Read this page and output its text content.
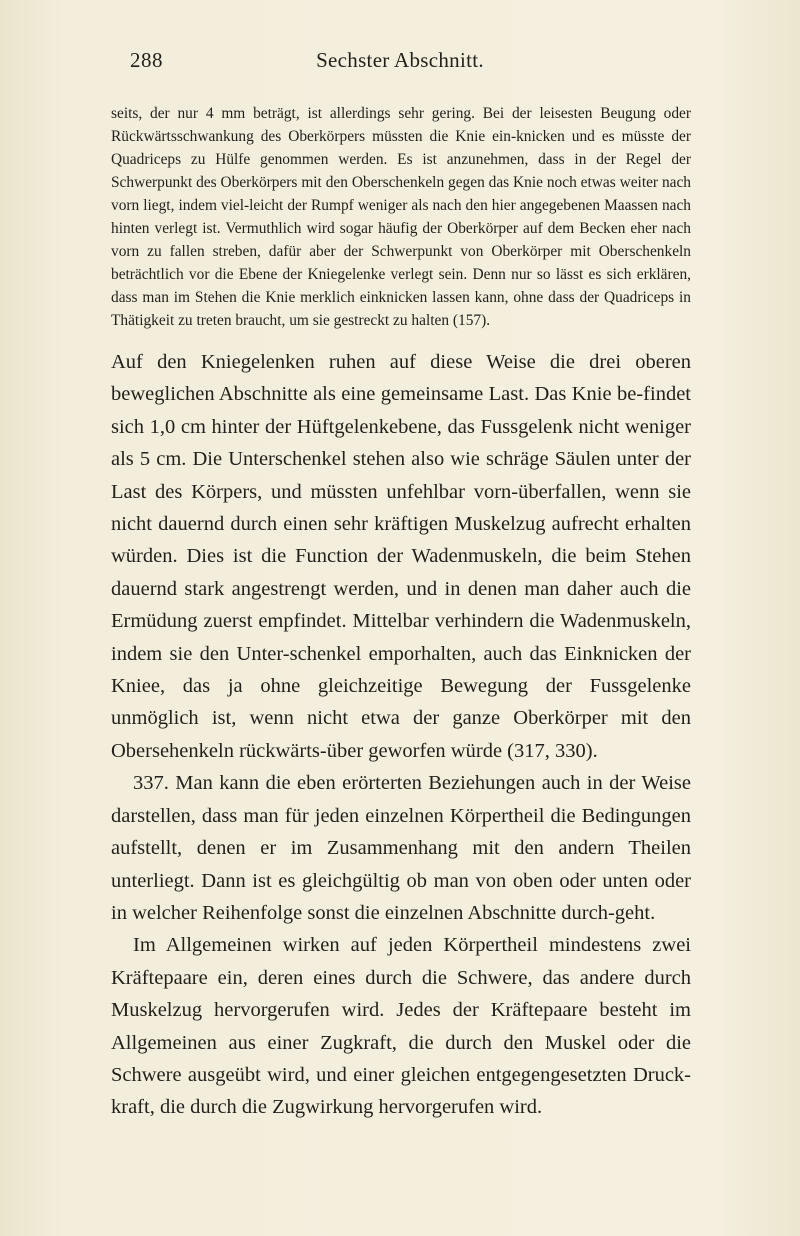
288	Sechster Abschnitt.

seits, der nur 4 mm beträgt, ist allerdings sehr gering. Bei der leisesten Beugung oder Rückwärtsschwankung des Oberkörpers müssten die Knie ein-knicken und es müsste der Quadriceps zu Hülfe genommen werden. Es ist anzunehmen, dass in der Regel der Schwerpunkt des Oberkörpers mit den Oberschenkeln gegen das Knie noch etwas weiter nach vorn liegt, indem viel-leicht der Rumpf weniger als nach den hier angegebenen Maassen nach hinten verlegt ist. Vermuthlich wird sogar häufig der Oberkörper auf dem Becken eher nach vorn zu fallen streben, dafür aber der Schwerpunkt von Oberkörper mit Oberschenkeln beträchtlich vor die Ebene der Kniegelenke verlegt sein. Denn nur so lässt es sich erklären, dass man im Stehen die Knie merklich einknicken lassen kann, ohne dass der Quadriceps in Thätigkeit zu treten braucht, um sie gestreckt zu halten (157).

Auf den Kniegelenken ruhen auf diese Weise die drei oberen beweglichen Abschnitte als eine gemeinsame Last. Das Knie be-findet sich 1,0 cm hinter der Hüftgelenkebene, das Fussgelenk nicht weniger als 5 cm. Die Unterschenkel stehen also wie schräge Säulen unter der Last des Körpers, und müssten unfehlbar vorn-überfallen, wenn sie nicht dauernd durch einen sehr kräftigen Muskelzug aufrecht erhalten würden. Dies ist die Function der Wadenmuskeln, die beim Stehen dauernd stark angestrengt werden, und in denen man daher auch die Ermüdung zuerst empfindet. Mittelbar verhindern die Wadenmuskeln, indem sie den Unter-schenkel emporhalten, auch das Einknicken der Kniee, das ja ohne gleichzeitige Bewegung der Fussgelenke unmöglich ist, wenn nicht etwa der ganze Oberkörper mit den Obersehenkeln rückwärts-über geworfen würde (317, 330).

337. Man kann die eben erörterten Beziehungen auch in der Weise darstellen, dass man für jeden einzelnen Körpertheil die Bedingungen aufstellt, denen er im Zusammenhang mit den andern Theilen unterliegt. Dann ist es gleichgültig ob man von oben oder unten oder in welcher Reihenfolge sonst die einzelnen Abschnitte durch-geht.

Im Allgemeinen wirken auf jeden Körpertheil mindestens zwei Kräftepaare ein, deren eines durch die Schwere, das andere durch Muskelzug hervorgerufen wird. Jedes der Kräftepaare besteht im Allgemeinen aus einer Zugkraft, die durch den Muskel oder die Schwere ausgeübt wird, und einer gleichen entgegengesetzten Druck-kraft, die durch die Zugwirkung hervorgerufen wird.
